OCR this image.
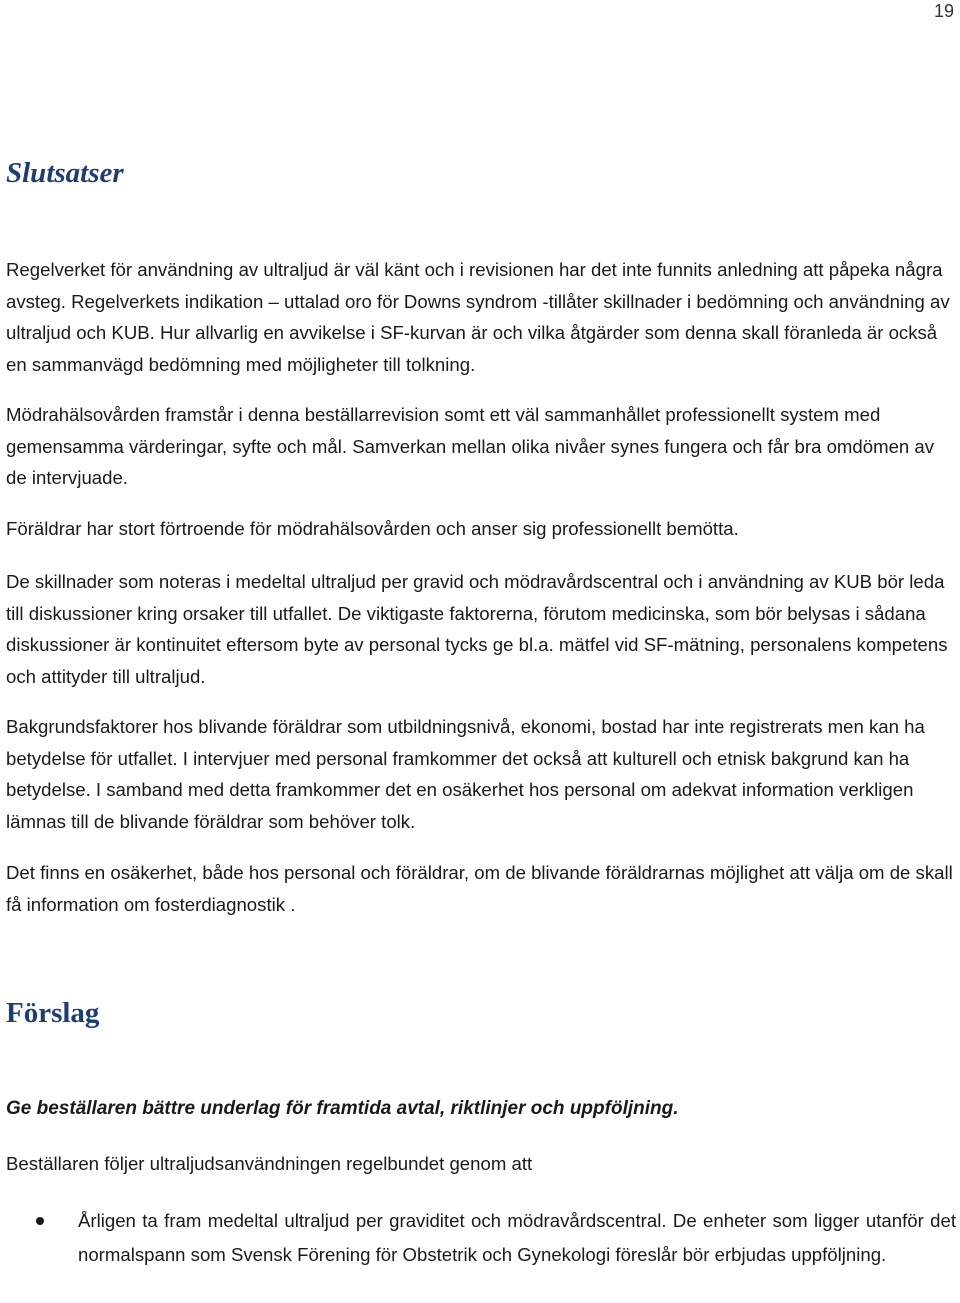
19
Slutsatser

Regelverket för användning av ultraljud är väl känt och i revisionen har det inte funnits anledning att påpeka några avsteg. Regelverkets indikation – uttalad oro för Downs syndrom -tillåter skillnader i bedömning och användning av ultraljud och KUB. Hur allvarlig en avvikelse i SF-kurvan är och vilka åtgärder som denna skall föranleda är också en sammanvägd bedömning med möjligheter till tolkning.

Mödrahälsovården framstår i denna beställarrevision somt ett väl sammanhållet professionellt system med gemensamma värderingar, syfte och mål. Samverkan mellan olika nivåer synes fungera och får bra omdömen av de intervjuade.

Föräldrar har stort förtroende för mödrahälsovården och anser sig professionellt bemötta.

De skillnader som noteras i medeltal ultraljud per gravid och mödravårdscentral och i användning av KUB bör leda till diskussioner kring orsaker till utfallet. De viktigaste faktorerna, förutom medicinska, som bör belysas i sådana diskussioner är kontinuitet eftersom byte av personal tycks ge bl.a. mätfel vid SF-mätning, personalens kompetens och attityder till ultraljud.

Bakgrundsfaktorer hos blivande föräldrar som utbildningsnivå, ekonomi, bostad har inte registrerats men kan ha betydelse för utfallet. I intervjuer med personal framkommer det också att kulturell och etnisk bakgrund kan ha betydelse. I samband med detta framkommer det en osäkerhet hos personal om adekvat information verkligen lämnas till de blivande föräldrar som behöver tolk.

Det finns en osäkerhet, både hos personal och föräldrar, om de blivande föräldrarnas möjlighet att välja om de skall få information om fosterdiagnostik .

Förslag

Ge beställaren bättre underlag för framtida avtal, riktlinjer och uppföljning.

Beställaren följer ultraljudsanvändningen regelbundet genom att

Årligen ta fram medeltal ultraljud per graviditet och mödravårdscentral. De enheter som ligger utanför det normalspann som Svensk Förening för Obstetrik och Gynekologi föreslår bör erbjudas uppföljning.
